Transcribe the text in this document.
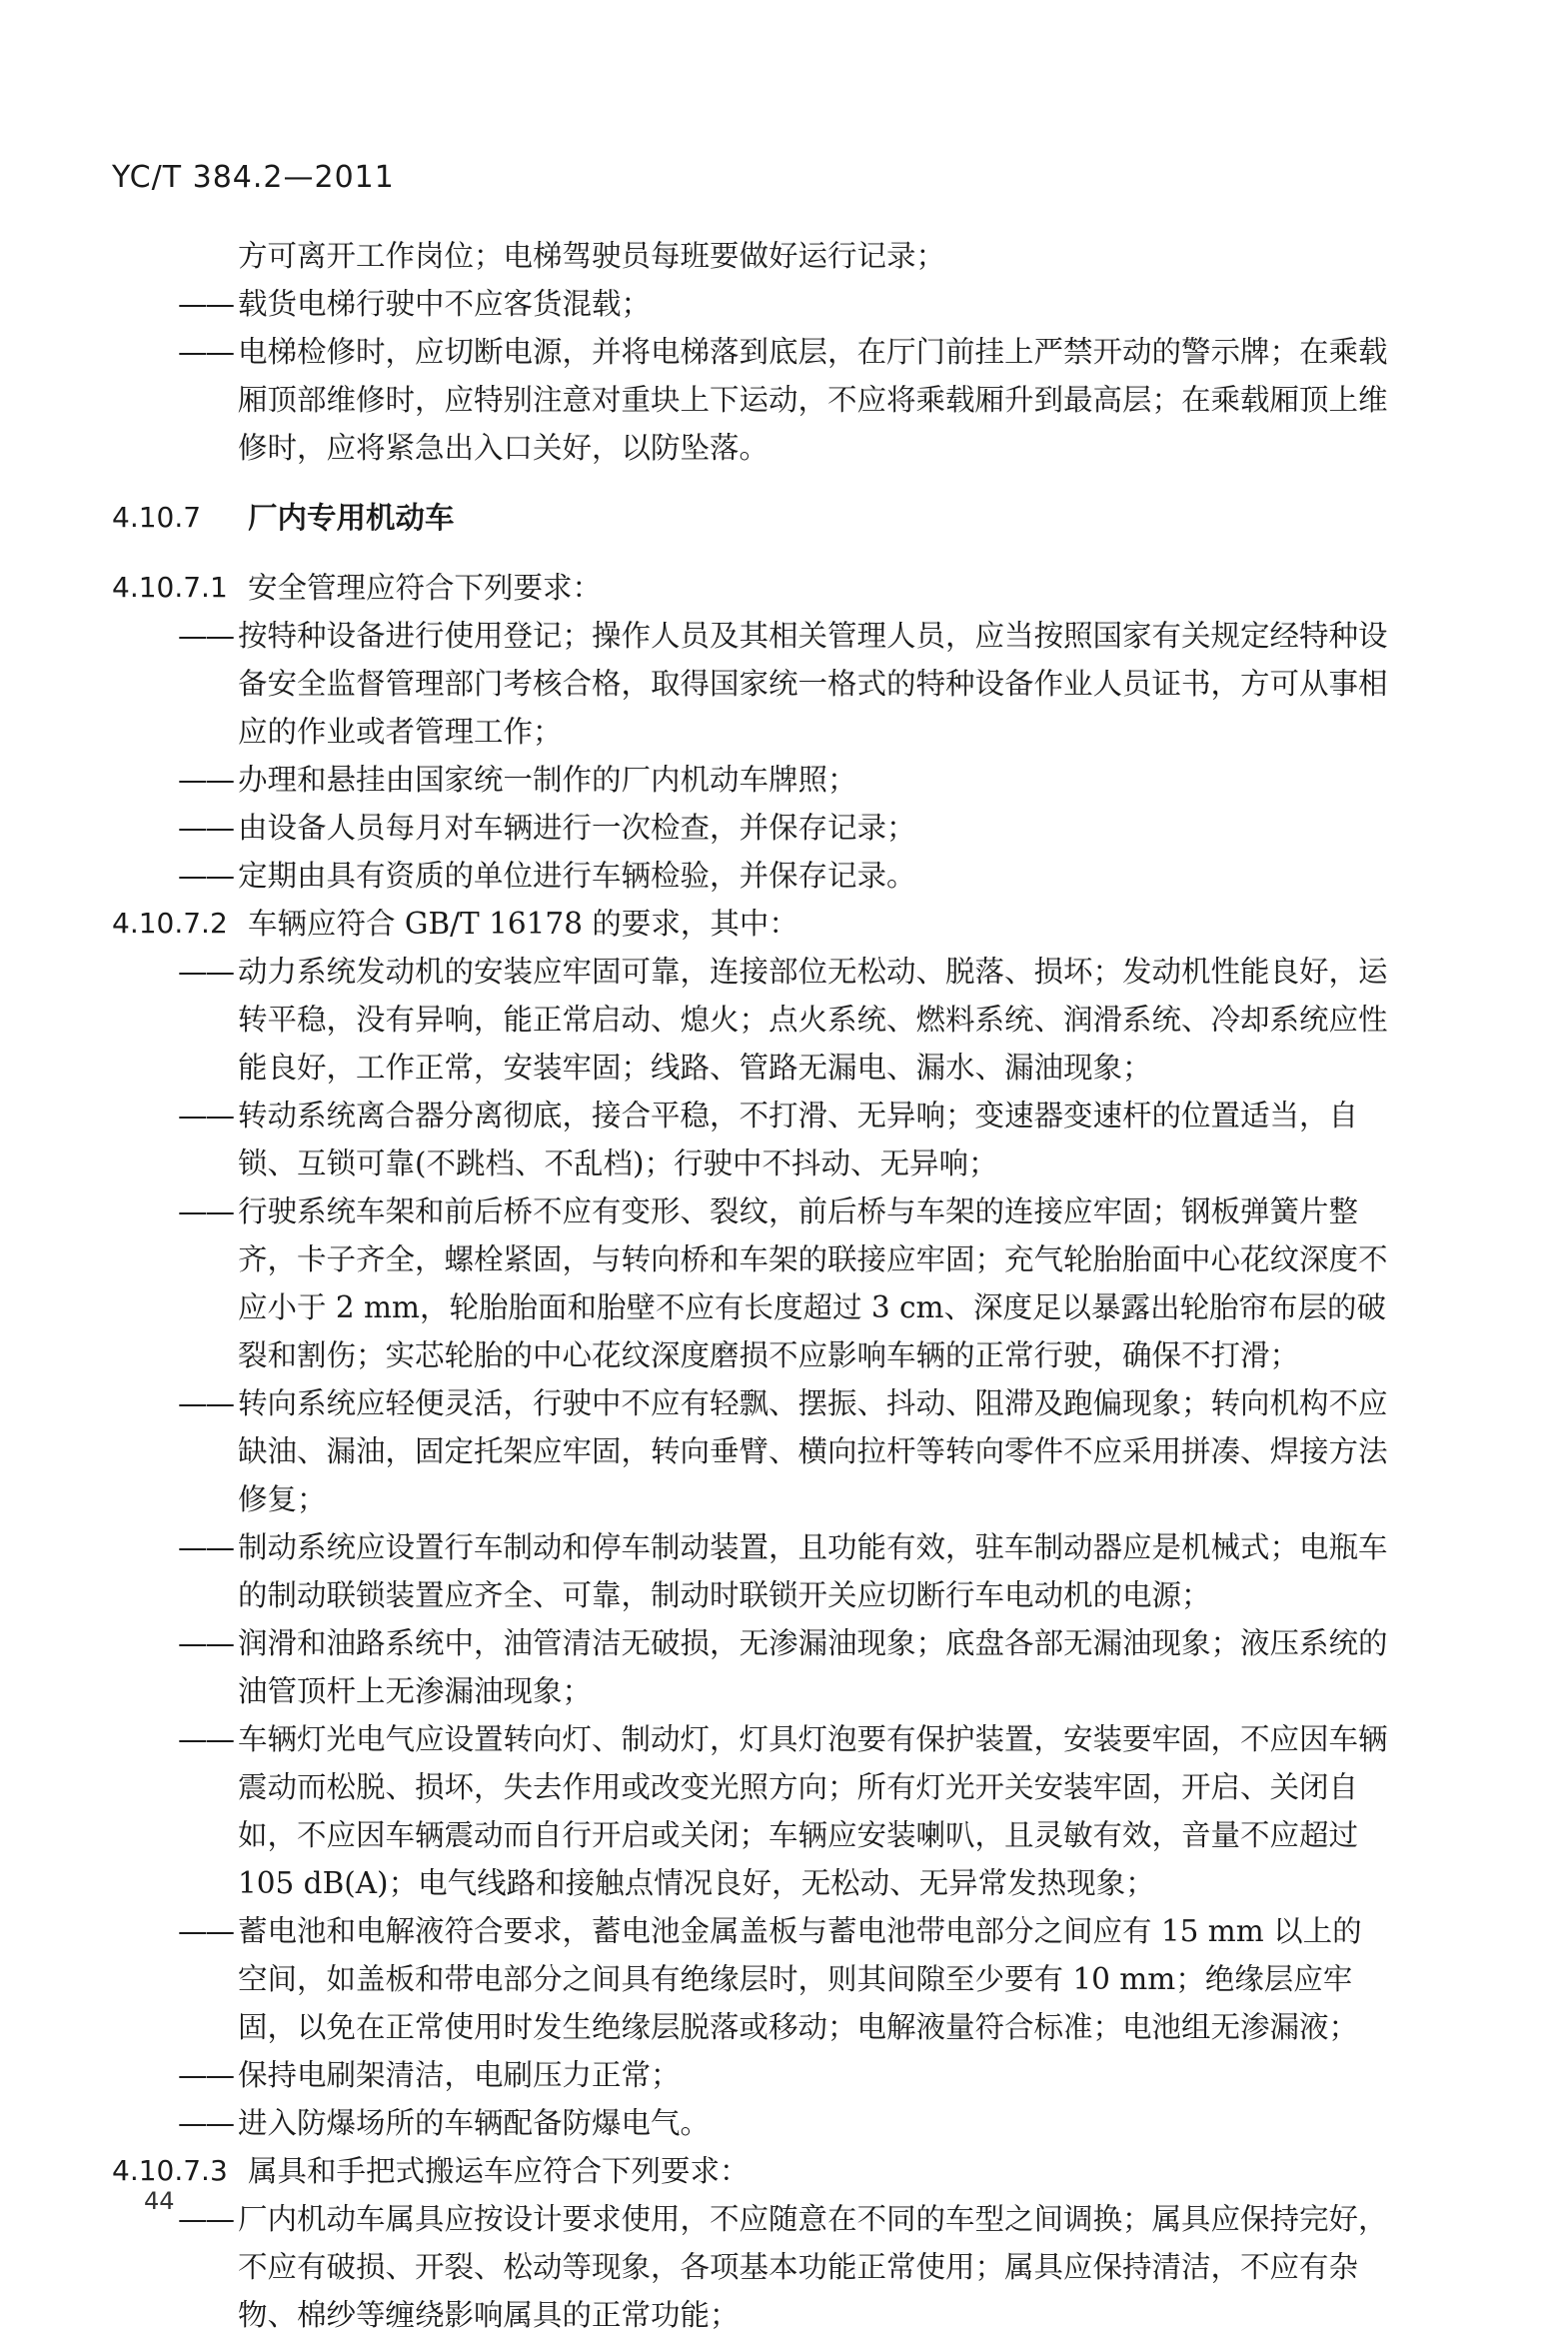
YC/T 384.2—2011

方可离开工作岗位；电梯驾驶员每班要做好运行记录；

—— 载货电梯行驶中不应客货混载；

—— 电梯检修时，应切断电源，并将电梯落到底层，在厅门前挂上严禁开动的警示牌；在乘载厢顶部维修时，应特别注意对重块上下运动，不应将乘载厢升到最高层；在乘载厢顶上维修时，应将紧急出入口关好，以防坠落。

4.10.7	厂内专用机动车
4.10.7.1 安全管理应符合下列要求：

—— 按特种设备进行使用登记；操作人员及其相关管理人员，应当按照国家有关规定经特种设备安全监督管理部门考核合格，取得国家统一格式的特种设备作业人员证书，方可从事相应的作业或者管理工作；

—— 办理和悬挂由国家统一制作的厂内机动车牌照；

—— 由设备人员每月对车辆进行一次检查，并保存记录；

—— 定期由具有资质的单位进行车辆检验，并保存记录。

4.10.7.2 车辆应符合 GB/T 16178 的要求，其中：

—— 动力系统发动机的安装应牢固可靠，连接部位无松动、脱落、损坏；发动机性能良好，运转平稳，没有异响，能正常启动、熄火；点火系统、燃料系统、润滑系统、冷却系统应性能良好，工作正常，安装牢固；线路、管路无漏电、漏水、漏油现象；

—— 转动系统离合器分离彻底，接合平稳，不打滑、无异响；变速器变速杆的位置适当，自锁、互锁可靠(不跳档、不乱档)；行驶中不抖动、无异响；

—— 行驶系统车架和前后桥不应有变形、裂纹，前后桥与车架的连接应牢固；钢板弹簧片整齐，卡子齐全，螺栓紧固，与转向桥和车架的联接应牢固；充气轮胎胎面中心花纹深度不应小于 2 mm，轮胎胎面和胎壁不应有长度超过 3 cm、深度足以暴露出轮胎帘布层的破裂和割伤；实芯轮胎的中心花纹深度磨损不应影响车辆的正常行驶，确保不打滑；

—— 转向系统应轻便灵活，行驶中不应有轻飘、摆振、抖动、阻滞及跑偏现象；转向机构不应缺油、漏油，固定托架应牢固，转向垂臂、横向拉杆等转向零件不应采用拼凑、焊接方法修复；

—— 制动系统应设置行车制动和停车制动装置，且功能有效，驻车制动器应是机械式；电瓶车的制动联锁装置应齐全、可靠，制动时联锁开关应切断行车电动机的电源；

—— 润滑和油路系统中，油管清洁无破损，无渗漏油现象；底盘各部无漏油现象；液压系统的油管顶杆上无渗漏油现象；

—— 车辆灯光电气应设置转向灯、制动灯，灯具灯泡要有保护装置，安装要牢固，不应因车辆震动而松脱、损坏，失去作用或改变光照方向；所有灯光开关安装牢固，开启、关闭自如，不应因车辆震动而自行开启或关闭；车辆应安装喇叭，且灵敏有效，音量不应超过 105 dB(A)；电气线路和接触点情况良好，无松动、无异常发热现象；

—— 蓄电池和电解液符合要求，蓄电池金属盖板与蓄电池带电部分之间应有 15 mm 以上的空间，如盖板和带电部分之间具有绝缘层时，则其间隙至少要有 10 mm；绝缘层应牢固，以免在正常使用时发生绝缘层脱落或移动；电解液量符合标准；电池组无渗漏液；

—— 保持电刷架清洁，电刷压力正常；

—— 进入防爆场所的车辆配备防爆电气。

4.10.7.3 属具和手把式搬运车应符合下列要求：

—— 厂内机动车属具应按设计要求使用，不应随意在不同的车型之间调换；属具应保持完好，不应有破损、开裂、松动等现象，各项基本功能正常使用；属具应保持清洁，不应有杂物、棉纱等缠绕影响属具的正常功能；

44
